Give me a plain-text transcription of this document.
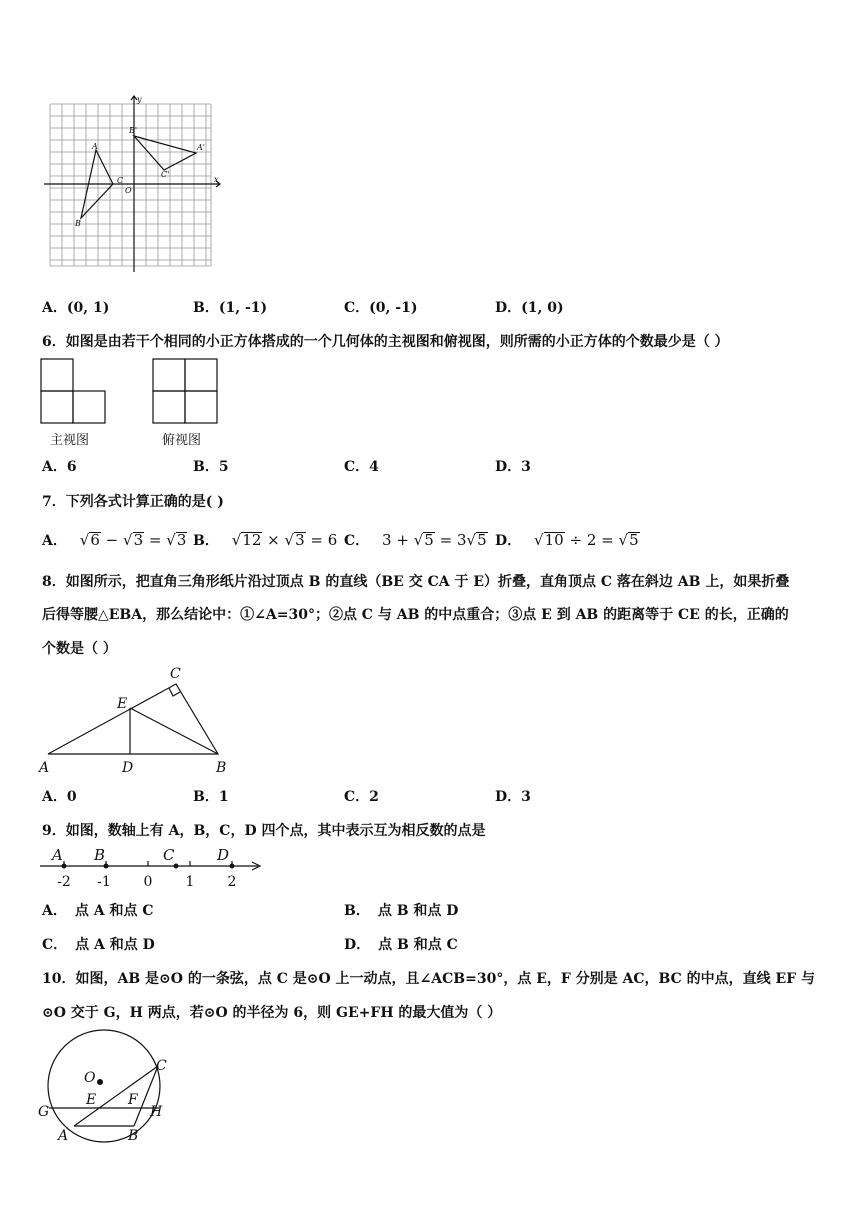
y
x
O
A
B
C
A'
B'
C'
A．(0, 1)	B．(1, -1)	C．(0, -1)	D．(1, 0)
6．如图是由若干个相同的小正方体搭成的一个几何体的主视图和俯视图，则所需的小正方体的个数最少是（ ）
主视图	俯视图
A．6	B．5	C．4	D．3
7．下列各式计算正确的是( )
A． √6 − √3 = √3 B． √12 × √3 = 6 C． 3 + √5 = 3√5 D． √10 ÷ 2 = √5
8．如图所示，把直角三角形纸片沿过顶点 B 的直线（BE 交 CA 于 E）折叠，直角顶点 C 落在斜边 AB 上，如果折叠
后得等腰△EBA，那么结论中：①∠A=30°；②点 C 与 AB 的中点重合；③点 E 到 AB 的距离等于 CE 的长，正确的
个数是（ ）
A	B
C
D
E
A．0	B．1	C．2	D．3
9．如图，数轴上有 A，B，C，D 四个点，其中表示互为相反数的点是
A B	C	D
-2 -1 0 1 2
A． 点 A 和点 C	B． 点 B 和点 D
C． 点 A 和点 D	D． 点 B 和点 C
10．如图，AB 是⊙O 的一条弦，点 C 是⊙O 上一动点，且∠ACB=30°，点 E，F 分别是 AC，BC 的中点，直线 EF 与
⊙O 交于 G，H 两点，若⊙O 的半径为 6，则 GE+FH 的最大值为（ ）
O
C
G
E F
H
A	B
